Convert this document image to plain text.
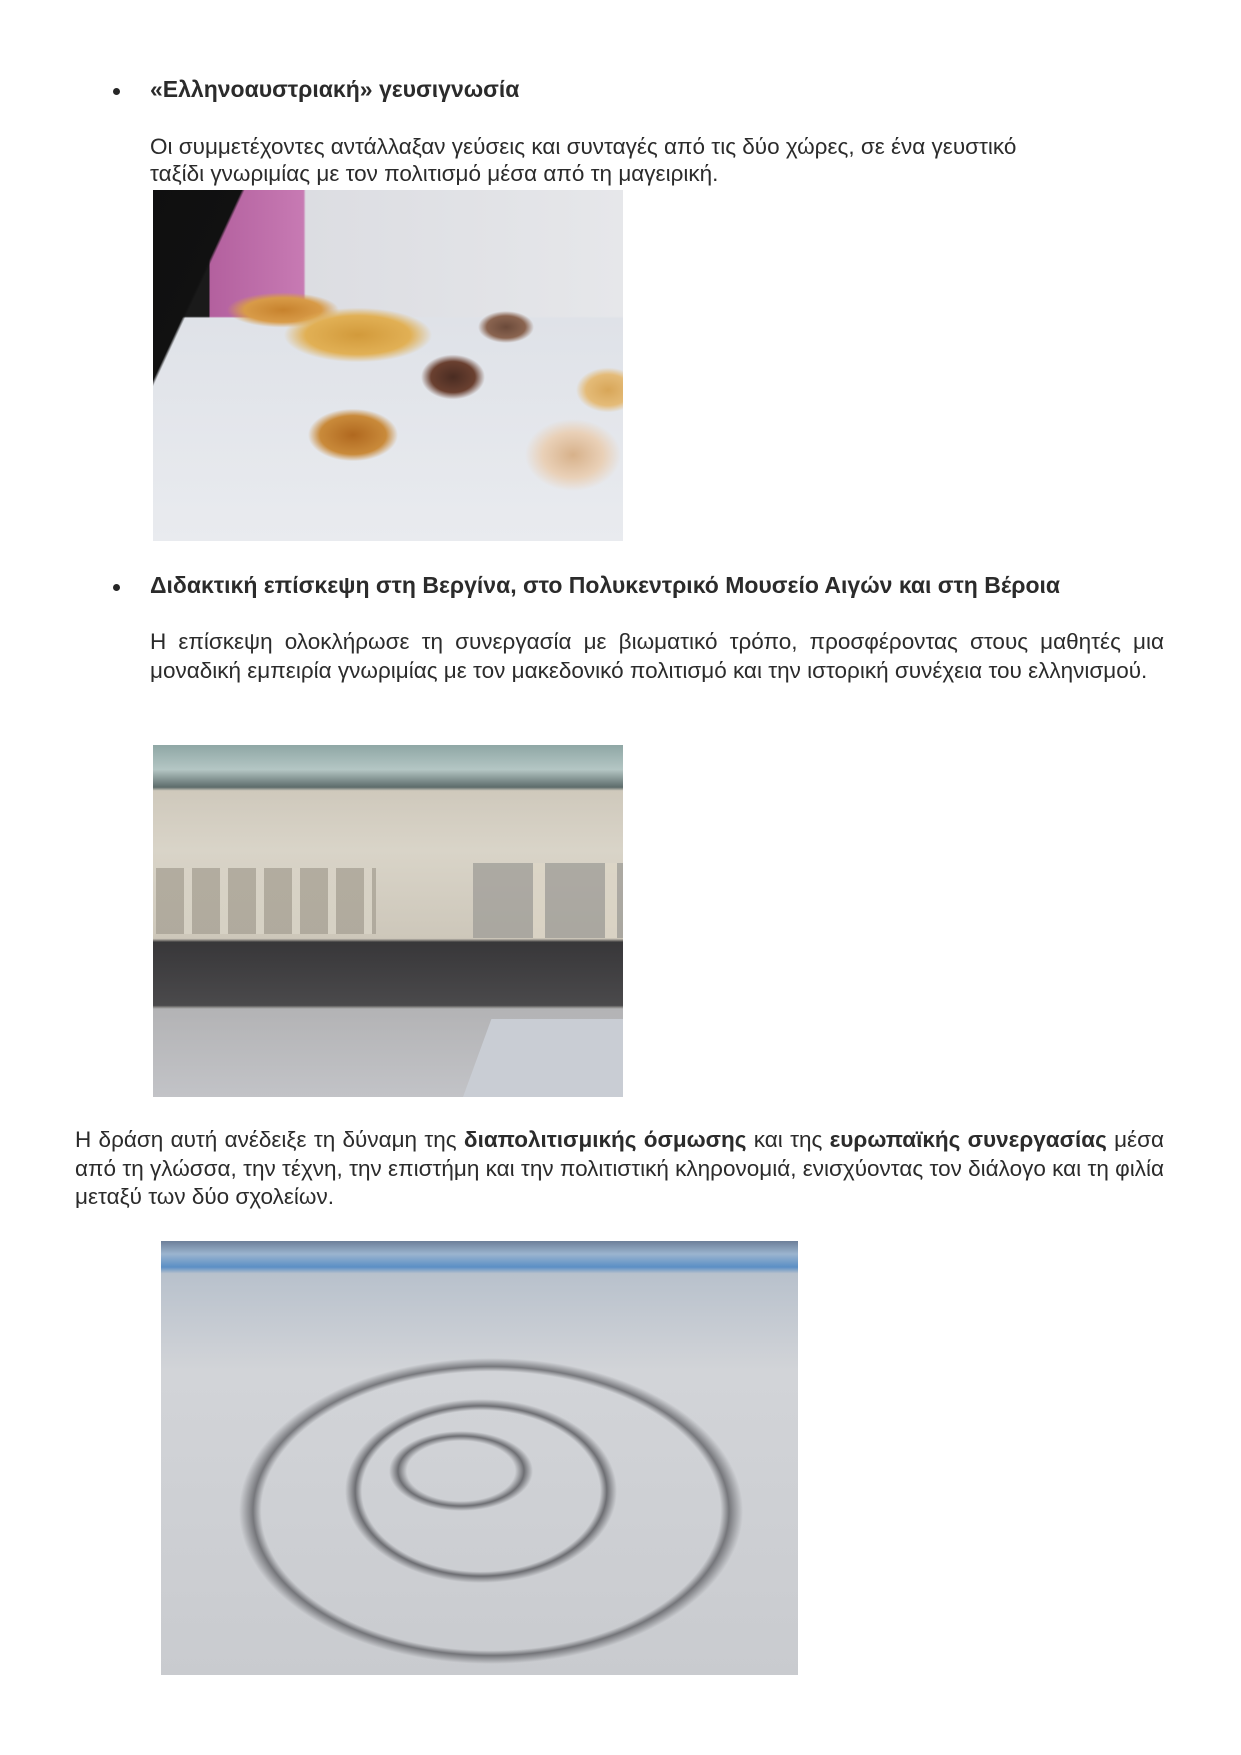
«Ελληνοαυστριακή» γευσιγνωσία
Οι συμμετέχοντες αντάλλαξαν γεύσεις και συνταγές από τις δύο χώρες, σε ένα γευστικό
ταξίδι γνωριμίας με τον πολιτισμό μέσα από τη μαγειρική.
Διδακτική επίσκεψη στη Βεργίνα, στο Πολυκεντρικό Μουσείο Αιγών και στη Βέροια
Η επίσκεψη ολοκλήρωσε τη συνεργασία με βιωματικό τρόπο, προσφέροντας στους μαθητές μια μοναδική εμπειρία γνωριμίας με τον μακεδονικό πολιτισμό και την ιστορική συνέχεια του ελληνισμού.
Η δράση αυτή ανέδειξε τη δύναμη της διαπολιτισμικής όσμωσης και της ευρωπαϊκής συνεργασίας μέσα από τη γλώσσα, την τέχνη, την επιστήμη και την πολιτιστική κληρονομιά, ενισχύοντας τον διάλογο και τη φιλία μεταξύ των δύο σχολείων.
